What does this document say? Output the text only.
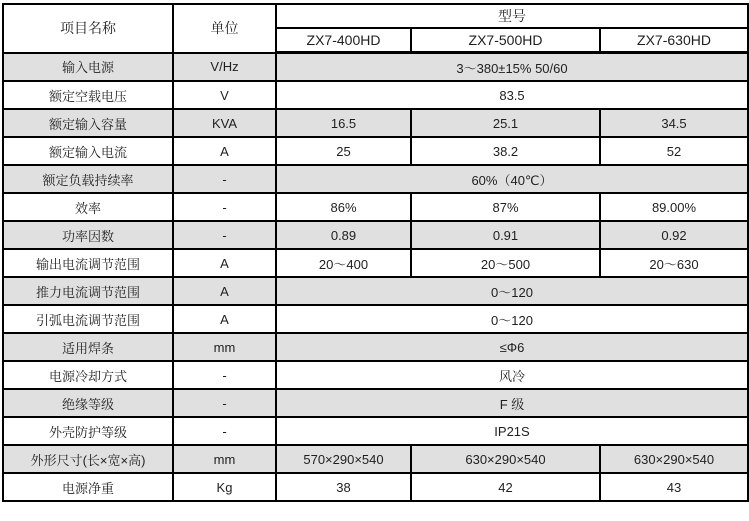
项目名称	单位	型号		
		ZX7-400HD	ZX7-500HD	ZX7-630HD
输入电源	V/Hz	3～380±15% 50/60		
额定空载电压	V	83.5		
额定输入容量	KVA	16.5	25.1	34.5
额定输入电流	A	25	38.2	52
额定负载持续率	-	60%（40℃）		
效率	-	86%	87%	89.00%
功率因数	-	0.89	0.91	0.92
输出电流调节范围	A	20～400	20～500	20～630
推力电流调节范围	A	0～120		
引弧电流调节范围	A	0～120		
适用焊条	mm	≤Φ6		
电源冷却方式	-	风冷		
绝缘等级	-	F 级		
外壳防护等级	-	IP21S		
外形尺寸(长×宽×高)	mm	570×290×540	630×290×540	630×290×540
电源净重	Kg	38	42	43
